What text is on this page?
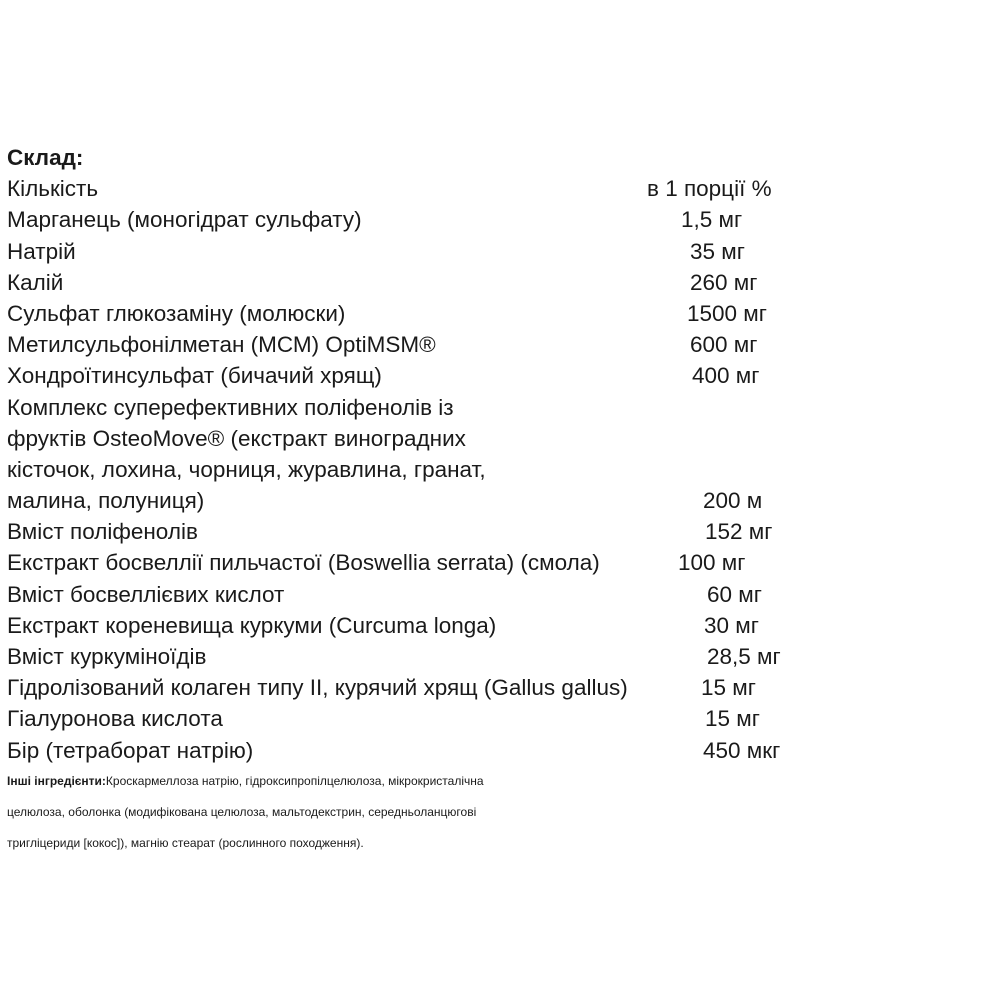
Склад:
Кількість	в 1 порції %
Марганець (моногідрат сульфату)	1,5 мг
Натрій	35 мг
Калій	260 мг
Сульфат глюкозаміну (молюски)	1500 мг
Метилсульфонілметан (МСМ) OptiMSM®	600 мг
Хондроїтинсульфат (бичачий хрящ)	400 мг
Комплекс суперефективних поліфенолів із
фруктів OsteoMove® (екстракт виноградних
кісточок, лохина, чорниця, журавлина, гранат,
малина, полуниця)	200 м
Вміст поліфенолів	152 мг
Екстракт босвеллії пильчастої (Boswellia serrata) (смола)	100 мг
Вміст босвеллієвих кислот	60 мг
Екстракт кореневища куркуми (Curcuma longa)	30 мг
Вміст куркуміноїдів	28,5 мг
Гідролізований колаген типу II, курячий хрящ (Gallus gallus)	15 мг
Гіалуронова кислота	15 мг
Бір (тетраборат натрію)	450 мкг
Інші інгредієнти:Кроскармеллоза натрію, гідроксипропілцелюлоза, мікрокристалічна
целюлоза, оболонка (модифікована целюлоза, мальтодекстрин, середньоланцюгові
тригліцериди [кокос]), магнію стеарат (рослинного походження).
